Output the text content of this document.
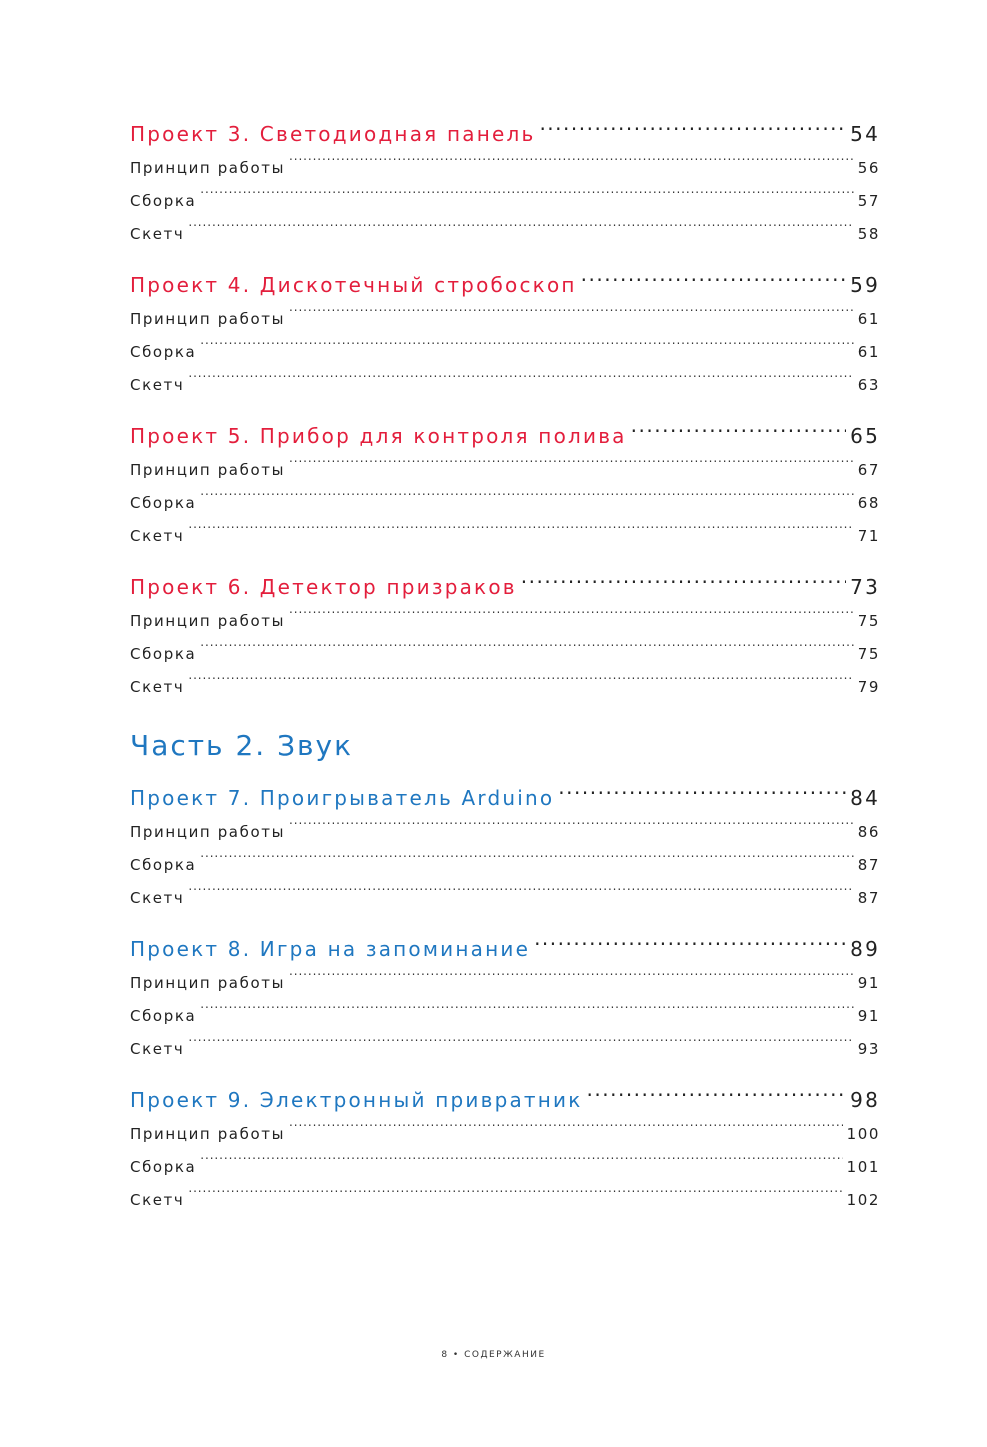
Проект 3. Светодиодная панель .....	54
Принцип работы .....	56
Сборка .....	57
Скетч .....	58
Проект 4. Дискотечный стробоскоп .....	59
Принцип работы .....	61
Сборка .....	61
Скетч .....	63
Проект 5. Прибор для контроля полива .....	65
Принцип работы .....	67
Сборка .....	68
Скетч .....	71
Проект 6. Детектор призраков .....	73
Принцип работы .....	75
Сборка .....	75
Скетч .....	79
Часть 2. Звук
Проект 7. Проигрыватель Arduino .....	84
Принцип работы .....	86
Сборка .....	87
Скетч .....	87
Проект 8. Игра на запоминание .....	89
Принцип работы .....	91
Сборка .....	91
Скетч .....	93
Проект 9. Электронный привратник .....	98
Принцип работы .....	100
Сборка .....	101
Скетч .....	102
8 • СОДЕРЖАНИЕ
